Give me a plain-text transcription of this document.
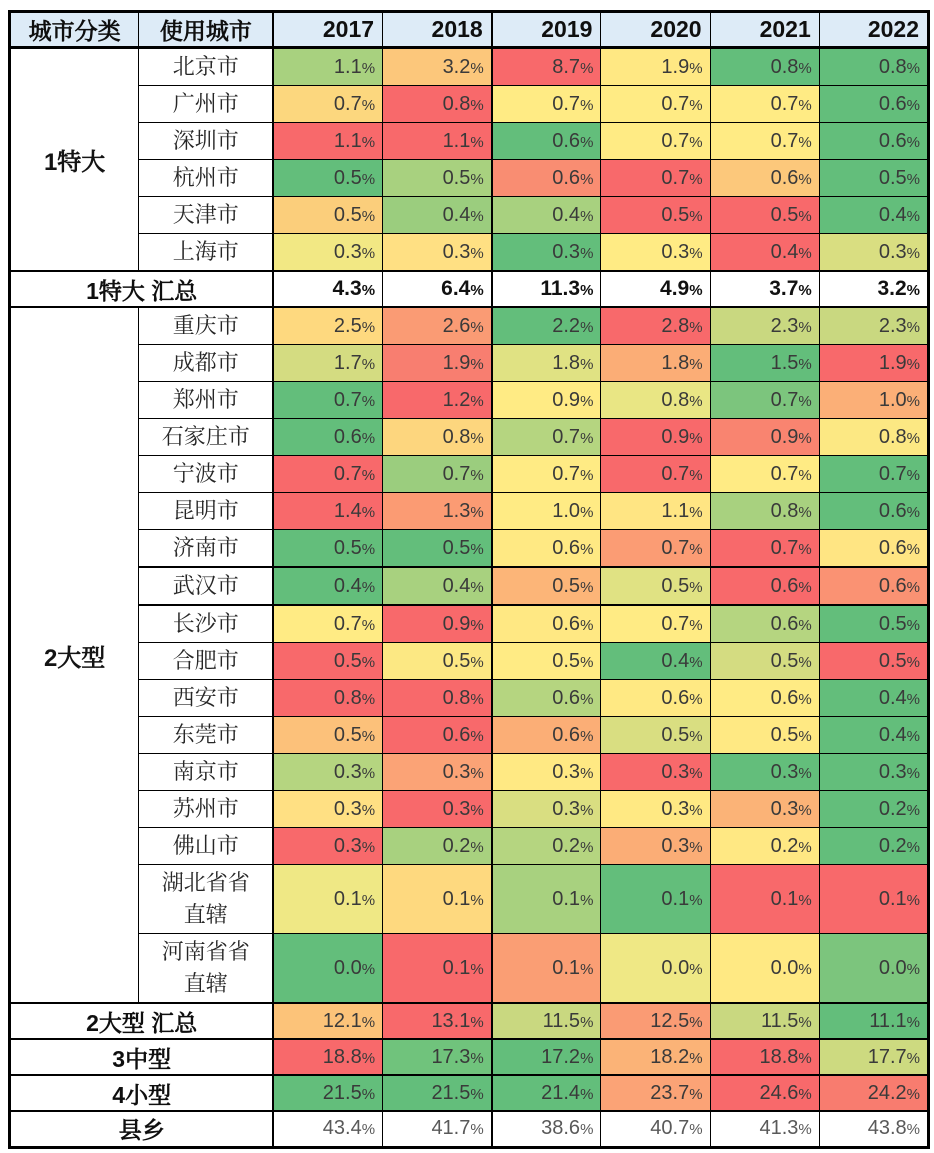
城市分类	使用城市	2017	2018	2019	2020	2021	2022
1特大	北京市	1.1%	3.2%	8.7%	1.9%	0.8%	0.8%
	广州市	0.7%	0.8%	0.7%	0.7%	0.7%	0.6%
	深圳市	1.1%	1.1%	0.6%	0.7%	0.7%	0.6%
	杭州市	0.5%	0.5%	0.6%	0.7%	0.6%	0.5%
	天津市	0.5%	0.4%	0.4%	0.5%	0.5%	0.4%
	上海市	0.3%	0.3%	0.3%	0.3%	0.4%	0.3%
1特大 汇总		4.3%	6.4%	11.3%	4.9%	3.7%	3.2%
2大型	重庆市	2.5%	2.6%	2.2%	2.8%	2.3%	2.3%
	成都市	1.7%	1.9%	1.8%	1.8%	1.5%	1.9%
	郑州市	0.7%	1.2%	0.9%	0.8%	0.7%	1.0%
	石家庄市	0.6%	0.8%	0.7%	0.9%	0.9%	0.8%
	宁波市	0.7%	0.7%	0.7%	0.7%	0.7%	0.7%
	昆明市	1.4%	1.3%	1.0%	1.1%	0.8%	0.6%
	济南市	0.5%	0.5%	0.6%	0.7%	0.7%	0.6%
	武汉市	0.4%	0.4%	0.5%	0.5%	0.6%	0.6%
	长沙市	0.7%	0.9%	0.6%	0.7%	0.6%	0.5%
	合肥市	0.5%	0.5%	0.5%	0.4%	0.5%	0.5%
	西安市	0.8%	0.8%	0.6%	0.6%	0.6%	0.4%
	东莞市	0.5%	0.6%	0.6%	0.5%	0.5%	0.4%
	南京市	0.3%	0.3%	0.3%	0.3%	0.3%	0.3%
	苏州市	0.3%	0.3%	0.3%	0.3%	0.3%	0.2%
	佛山市	0.3%	0.2%	0.2%	0.3%	0.2%	0.2%
	湖北省省直辖	0.1%	0.1%	0.1%	0.1%	0.1%	0.1%
	河南省省直辖	0.0%	0.1%	0.1%	0.0%	0.0%	0.0%
2大型 汇总		12.1%	13.1%	11.5%	12.5%	11.5%	11.1%
3中型		18.8%	17.3%	17.2%	18.2%	18.8%	17.7%
4小型		21.5%	21.5%	21.4%	23.7%	24.6%	24.2%
县乡		43.4%	41.7%	38.6%	40.7%	41.3%	43.8%
